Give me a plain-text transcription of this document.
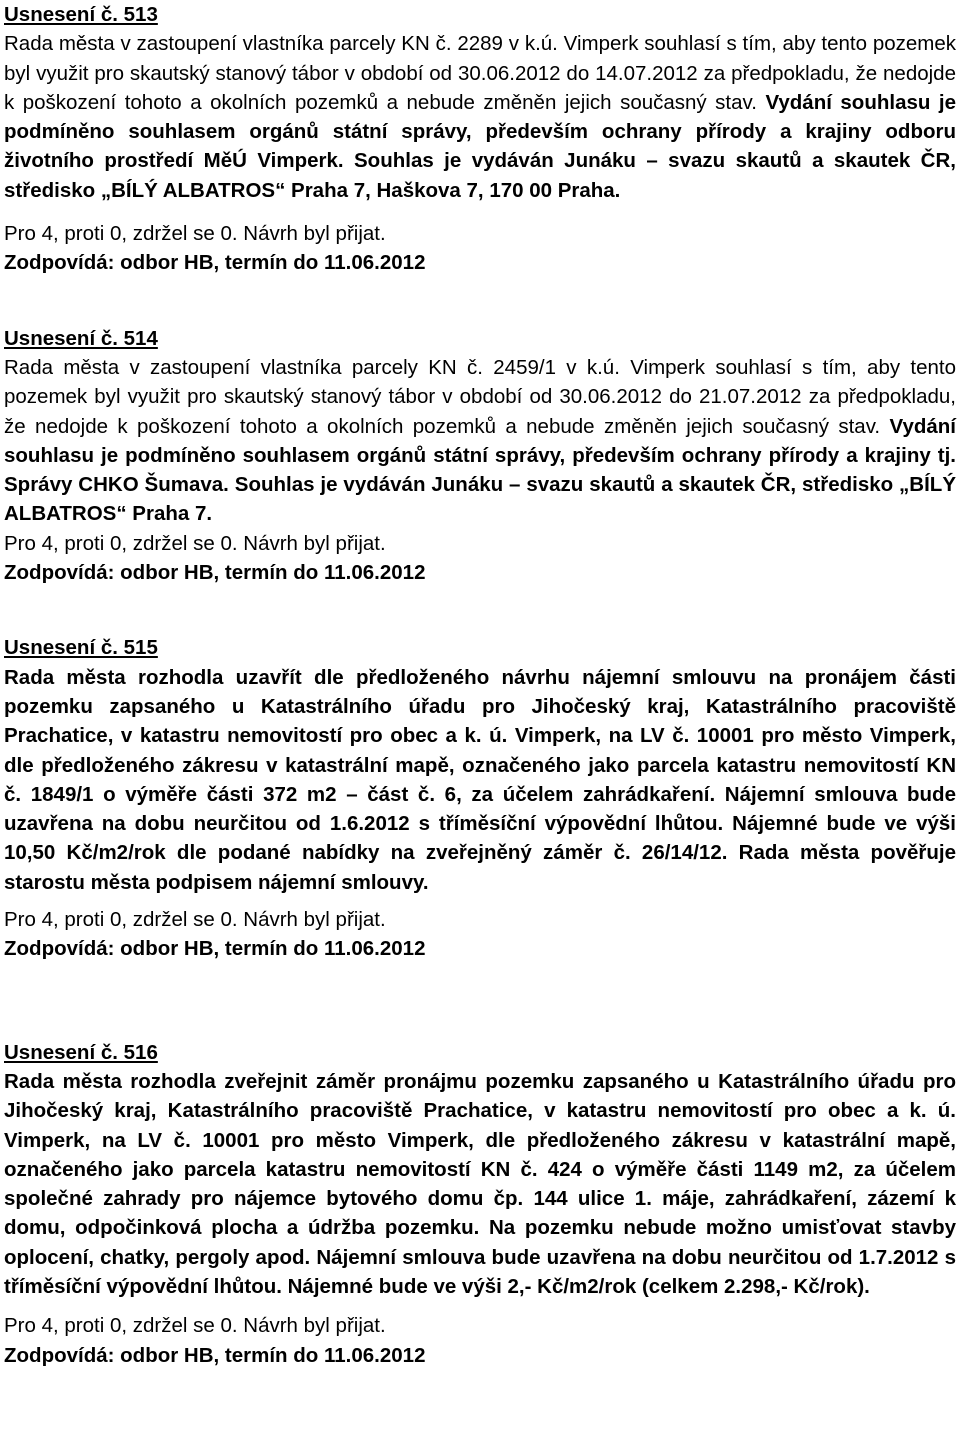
Usnesení č. 513

Rada města v zastoupení vlastníka parcely KN č. 2289 v k.ú. Vimperk souhlasí s tím, aby tento pozemek byl využit pro skautský stanový tábor v období od 30.06.2012 do 14.07.2012 za předpokladu, že nedojde k poškození tohoto a okolních pozemků a nebude změněn jejich současný stav. Vydání souhlasu je podmíněno souhlasem orgánů státní správy, především ochrany přírody a krajiny odboru životního prostředí MěÚ Vimperk. Souhlas je vydáván Junáku – svazu skautů a skautek ČR, středisko „BÍLÝ ALBATROS“ Praha 7, Haškova 7, 170 00 Praha.

Pro 4, proti 0, zdržel se 0. Návrh byl přijat.

Zodpovídá: odbor HB, termín do 11.06.2012

Usnesení č. 514

Rada města v zastoupení vlastníka parcely KN č. 2459/1 v k.ú. Vimperk souhlasí s tím, aby tento pozemek byl využit pro skautský stanový tábor v období od 30.06.2012 do 21.07.2012 za předpokladu, že nedojde k poškození tohoto a okolních pozemků a nebude změněn jejich současný stav. Vydání souhlasu je podmíněno souhlasem orgánů státní správy, především ochrany přírody a krajiny tj. Správy CHKO Šumava. Souhlas je vydáván Junáku – svazu skautů a skautek ČR, středisko „BÍLÝ ALBATROS“ Praha 7.

Pro 4, proti 0, zdržel se 0. Návrh byl přijat.

Zodpovídá: odbor HB, termín do 11.06.2012

Usnesení č. 515

Rada města rozhodla uzavřít dle předloženého návrhu nájemní smlouvu na pronájem části pozemku zapsaného u Katastrálního úřadu pro Jihočeský kraj, Katastrálního pracoviště Prachatice, v katastru nemovitostí pro obec a k. ú. Vimperk, na LV č. 10001 pro město Vimperk, dle předloženého zákresu v katastrální mapě, označeného jako parcela katastru nemovitostí KN č. 1849/1 o výměře části 372 m2 – část č. 6, za účelem zahrádkaření. Nájemní smlouva bude uzavřena na dobu neurčitou od 1.6.2012 s tříměsíční výpovědní lhůtou. Nájemné bude ve výši 10,50 Kč/m2/rok dle podané nabídky na zveřejněný záměr č. 26/14/12. Rada města pověřuje starostu města podpisem nájemní smlouvy.

Pro 4, proti 0, zdržel se 0. Návrh byl přijat.

Zodpovídá: odbor HB, termín do 11.06.2012

Usnesení č. 516

Rada města rozhodla zveřejnit záměr pronájmu pozemku zapsaného u Katastrálního úřadu pro Jihočeský kraj, Katastrálního pracoviště Prachatice, v katastru nemovitostí pro obec a k. ú. Vimperk, na LV č. 10001 pro město Vimperk, dle předloženého zákresu v katastrální mapě, označeného jako parcela katastru nemovitostí KN č. 424 o výměře části 1149 m2, za účelem společné zahrady pro nájemce bytového domu čp. 144 ulice 1. máje, zahrádkaření, zázemí k domu, odpočinková plocha a údržba pozemku. Na pozemku nebude možno umisťovat stavby oplocení, chatky, pergoly apod. Nájemní smlouva bude uzavřena na dobu neurčitou od 1.7.2012 s tříměsíční výpovědní lhůtou. Nájemné bude ve výši 2,- Kč/m2/rok (celkem 2.298,- Kč/rok).

Pro 4, proti 0, zdržel se 0. Návrh byl přijat.

Zodpovídá: odbor HB, termín do 11.06.2012
